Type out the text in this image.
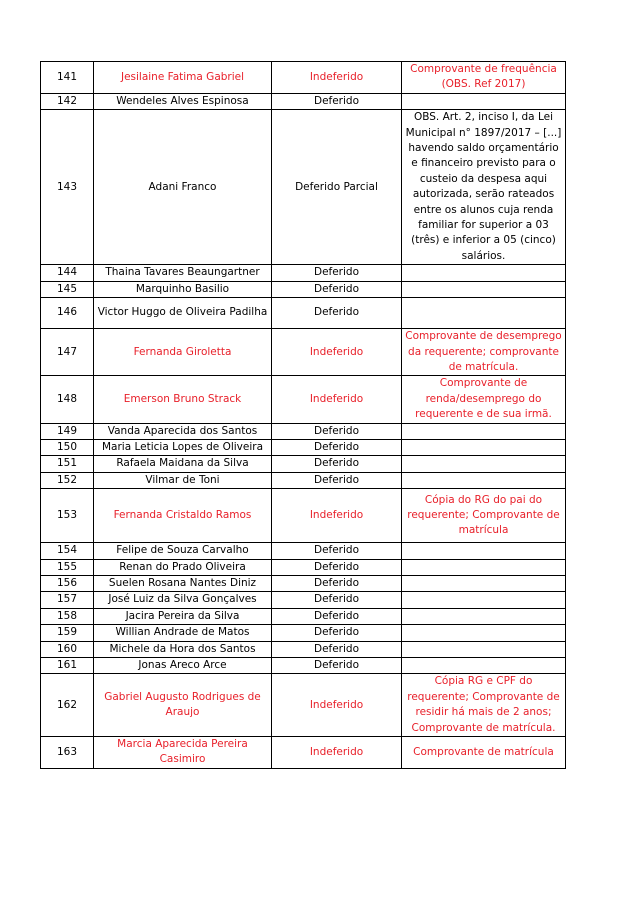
141	Jesilaine Fatima Gabriel	Indeferido	Comprovante de frequência (OBS. Ref 2017)
142	Wendeles Alves Espinosa	Deferido	
143	Adani Franco	Deferido Parcial	OBS. Art. 2, inciso I, da Lei Municipal n° 1897/2017 – [...] havendo saldo orçamentário e financeiro previsto para o custeio da despesa aqui autorizada, serão rateados entre os alunos cuja renda familiar for superior a 03 (três) e inferior a 05 (cinco) salários.
144	Thaina Tavares Beaungartner	Deferido	
145	Marquinho Basilio	Deferido	
146	Victor Huggo de Oliveira Padilha	Deferido	
147	Fernanda Giroletta	Indeferido	Comprovante de desemprego da requerente; comprovante de matrícula.
148	Emerson Bruno Strack	Indeferido	Comprovante de renda/desemprego do requerente e de sua irmã.
149	Vanda Aparecida dos Santos	Deferido	
150	Maria Leticia Lopes de Oliveira	Deferido	
151	Rafaela Maidana da Silva	Deferido	
152	Vilmar de Toni	Deferido	
153	Fernanda Cristaldo Ramos	Indeferido	Cópia do RG do pai do requerente; Comprovante de matrícula
154	Felipe de Souza Carvalho	Deferido	
155	Renan do Prado Oliveira	Deferido	
156	Suelen Rosana Nantes Diniz	Deferido	
157	José Luiz da Silva Gonçalves	Deferido	
158	Jacira Pereira da Silva	Deferido	
159	Willian Andrade de Matos	Deferido	
160	Michele da Hora dos Santos	Deferido	
161	Jonas Areco Arce	Deferido	
162	Gabriel Augusto Rodrigues de Araujo	Indeferido	Cópia RG e CPF do requerente; Comprovante de residir há mais de 2 anos; Comprovante de matrícula.
163	Marcia Aparecida Pereira Casimiro	Indeferido	Comprovante de matrícula
